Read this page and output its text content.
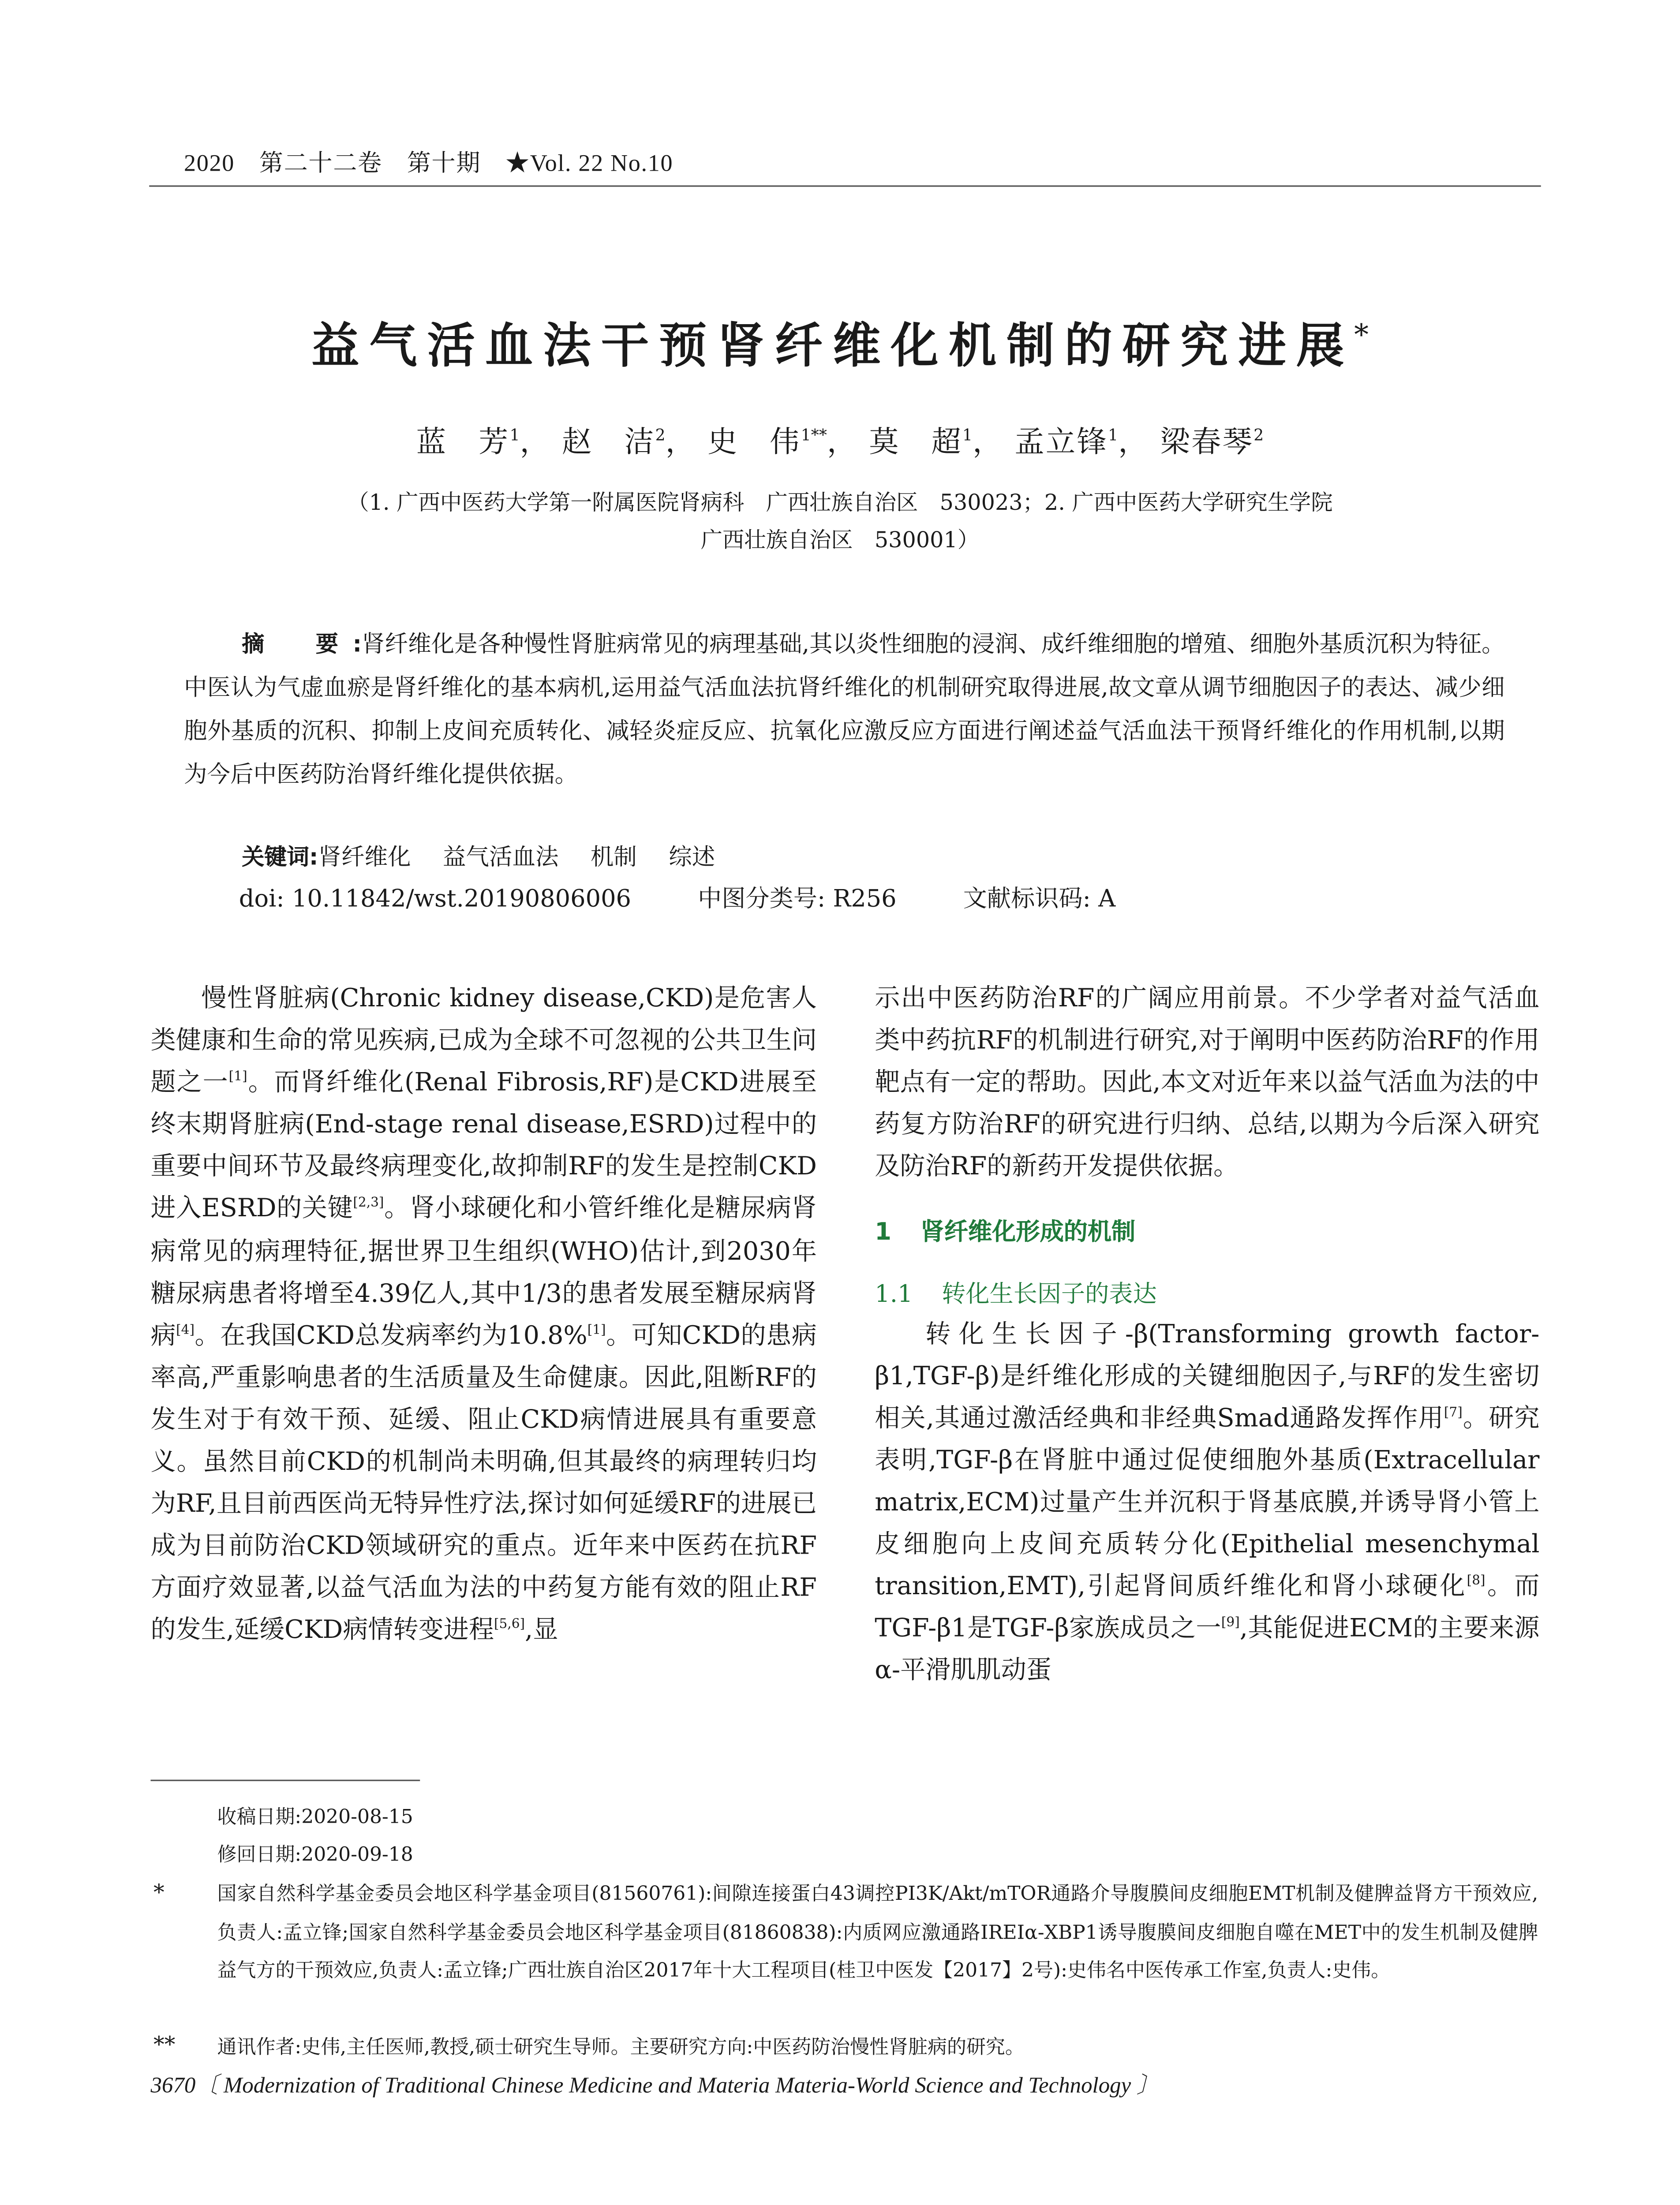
2020　第二十二卷　第十期　★Vol. 22 No.10
益气活血法干预肾纤维化机制的研究进展*
蓝　芳$^1$， 赵　洁$^2$， 史　伟$^{1**}$， 莫　超$^1$， 孟立锋$^1$， 梁春琴$^2$
（1. 广西中医药大学第一附属医院肾病科　广西壮族自治区　530023；2. 广西中医药大学研究生学院
广西壮族自治区　530001）
摘　要:肾纤维化是各种慢性肾脏病常见的病理基础,其以炎性细胞的浸润、成纤维细胞的增殖、细胞外基质沉积为特征。中医认为气虚血瘀是肾纤维化的基本病机,运用益气活血法抗肾纤维化的机制研究取得进展,故文章从调节细胞因子的表达、减少细胞外基质的沉积、抑制上皮间充质转化、减轻炎症反应、抗氧化应激反应方面进行阐述益气活血法干预肾纤维化的作用机制,以期为今后中医药防治肾纤维化提供依据。
关键词:肾纤维化	益气活血法	机制	综述
doi: 10.11842/wst.20190806006	中图分类号: R256	文献标识码: A

慢性肾脏病(Chronic kidney disease,CKD)是危害人类健康和生命的常见疾病,已成为全球不可忽视的公共卫生问题之一[1]。而肾纤维化(Renal Fibrosis,RF)是CKD进展至终末期肾脏病(End-stage renal disease,ESRD)过程中的重要中间环节及最终病理变化,故抑制RF的发生是控制CKD进入ESRD的关键[2,3]。肾小球硬化和小管纤维化是糖尿病肾病常见的病理特征,据世界卫生组织(WHO)估计,到2030年糖尿病患者将增至4.39亿人,其中1/3的患者发展至糖尿病肾病[4]。在我国CKD总发病率约为10.8%[1]。可知CKD的患病率高,严重影响患者的生活质量及生命健康。因此,阻断RF的发生对于有效干预、延缓、阻止CKD病情进展具有重要意义。虽然目前CKD的机制尚未明确,但其最终的病理转归均为RF,且目前西医尚无特异性疗法,探讨如何延缓RF的进展已成为目前防治CKD领域研究的重点。近年来中医药在抗RF方面疗效显著,以益气活血为法的中药复方能有效的阻止RF的发生,延缓CKD病情转变进程[5,6],显

示出中医药防治RF的广阔应用前景。不少学者对益气活血类中药抗RF的机制进行研究,对于阐明中医药防治RF的作用靶点有一定的帮助。因此,本文对近年来以益气活血为法的中药复方防治RF的研究进行归纳、总结,以期为今后深入研究及防治RF的新药开发提供依据。

1	肾纤维化形成的机制

1.1	转化生长因子的表达

转化生长因子-β(Transforming growth factor-β1,TGF-β)是纤维化形成的关键细胞因子,与RF的发生密切相关,其通过激活经典和非经典Smad通路发挥作用[7]。研究表明,TGF-β在肾脏中通过促使细胞外基质(Extracellular matrix,ECM)过量产生并沉积于肾基底膜,并诱导肾小管上皮细胞向上皮间充质转分化(Epithelial mesenchymal transition,EMT),引起肾间质纤维化和肾小球硬化[8]。而TGF-β1是TGF-β家族成员之一[9],其能促进ECM的主要来源α-平滑肌肌动蛋

收稿日期:2020-08-15
修回日期:2020-09-18
*	国家自然科学基金委员会地区科学基金项目(81560761):间隙连接蛋白43调控PI3K/Akt/mTOR通路介导腹膜间皮细胞EMT机制及健脾益肾方干预效应,负责人:孟立锋;国家自然科学基金委员会地区科学基金项目(81860838):内质网应激通路IREIα-XBP1诱导腹膜间皮细胞自噬在MET中的发生机制及健脾益气方的干预效应,负责人:孟立锋;广西壮族自治区2017年十大工程项目(桂卫中医发【2017】2号):史伟名中医传承工作室,负责人:史伟。
**	通讯作者:史伟,主任医师,教授,硕士研究生导师。主要研究方向:中医药防治慢性肾脏病的研究。
3670〔 Modernization of Traditional Chinese Medicine and Materia Materia-World Science and Technology 〕
